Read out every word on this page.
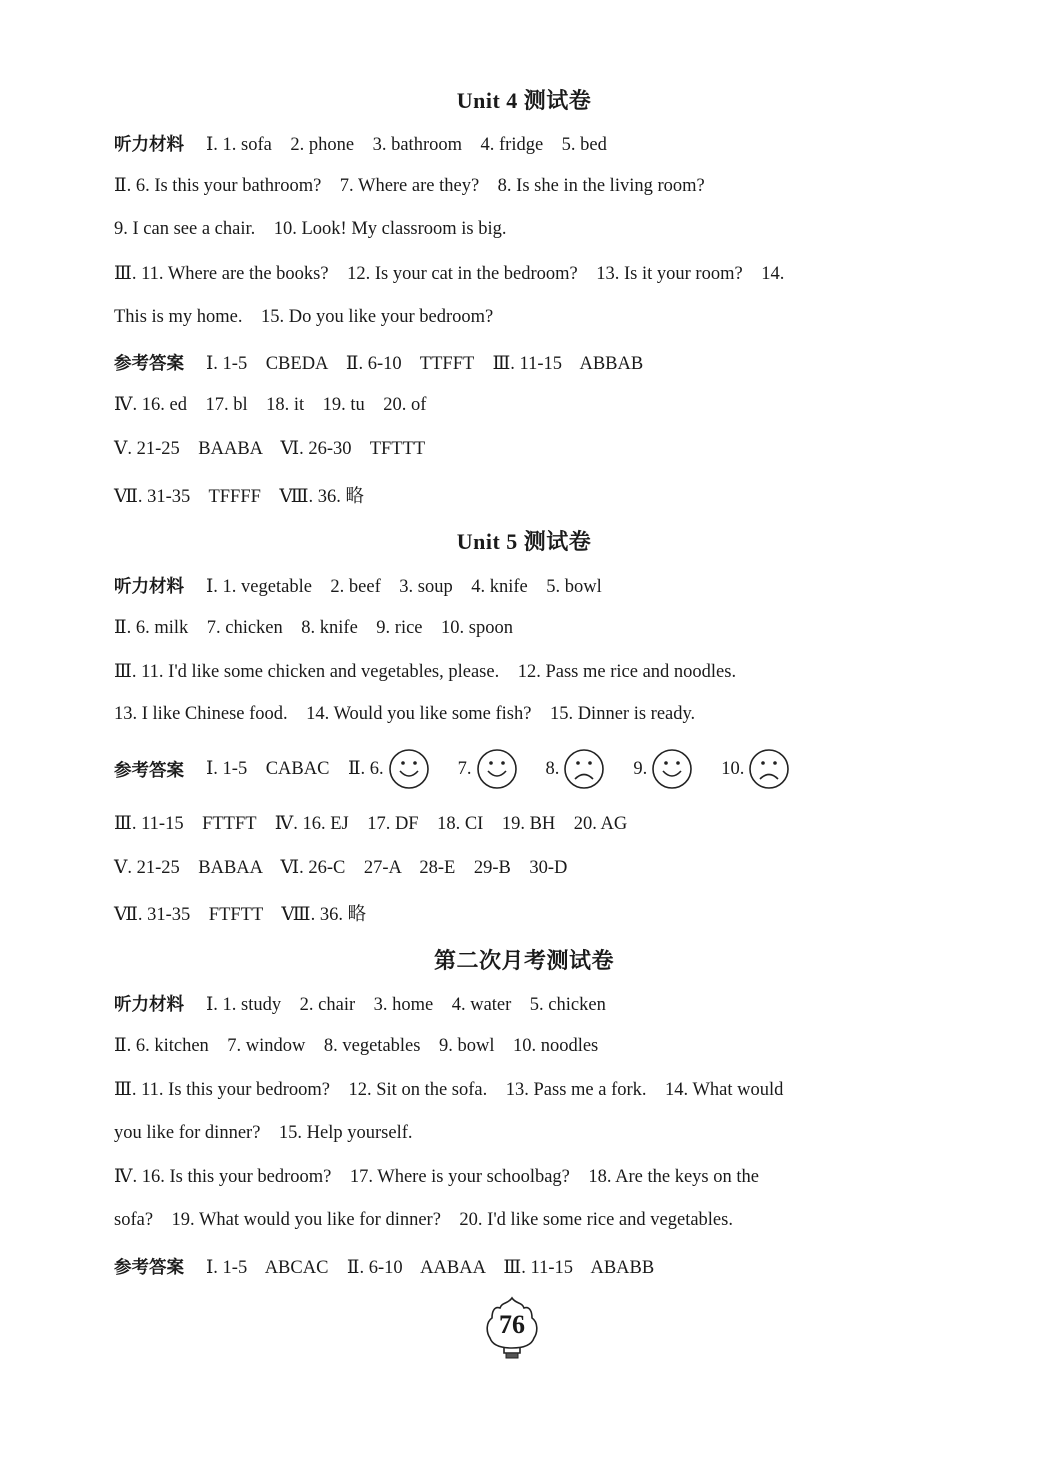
Unit 4 测试卷
听力材料 Ⅰ. 1. sofa    2. phone    3. bathroom    4. fridge    5. bed
Ⅱ. 6. Is this your bathroom?    7. Where are they?    8. Is she in the living room?
9. I can see a chair.    10. Look! My classroom is big.
Ⅲ. 11. Where are the books?    12. Is your cat in the bedroom?    13. Is it your room?    14.
This is my home.    15. Do you like your bedroom?
参考答案 Ⅰ. 1-5    CBEDA    Ⅱ. 6-10    TTFFT    Ⅲ. 11-15    ABBAB
Ⅳ. 16. ed    17. bl    18. it    19. tu    20. of
Ⅴ. 21-25    BAABA    Ⅵ. 26-30    TFTTT
Ⅶ. 31-35    TFFFF    Ⅷ. 36. 略
Unit 5 测试卷
听力材料 Ⅰ. 1. vegetable    2. beef    3. soup    4. knife    5. bowl
Ⅱ. 6. milk    7. chicken    8. knife    9. rice    10. spoon
Ⅲ. 11. I'd like some chicken and vegetables, please.    12. Pass me rice and noodles.
13. I like Chinese food.    14. Would you like some fish?    15. Dinner is ready.
参考答案 Ⅰ. 1-5    CABAC    Ⅱ. 6.	7.	8.	9.	10.
Ⅲ. 11-15    FTTFT    Ⅳ. 16. EJ    17. DF    18. CI    19. BH    20. AG
Ⅴ. 21-25    BABAA    Ⅵ. 26-C    27-A    28-E    29-B    30-D
Ⅶ. 31-35    FTFTT    Ⅷ. 36. 略
第二次月考测试卷
听力材料 Ⅰ. 1. study    2. chair    3. home    4. water    5. chicken
Ⅱ. 6. kitchen    7. window    8. vegetables    9. bowl    10. noodles
Ⅲ. 11. Is this your bedroom?    12. Sit on the sofa.    13. Pass me a fork.    14. What would
you like for dinner?    15. Help yourself.
Ⅳ. 16. Is this your bedroom?    17. Where is your schoolbag?    18. Are the keys on the
sofa?    19. What would you like for dinner?    20. I'd like some rice and vegetables.
参考答案 Ⅰ. 1-5    ABCAC    Ⅱ. 6-10    AABAA    Ⅲ. 11-15    ABABB
76
